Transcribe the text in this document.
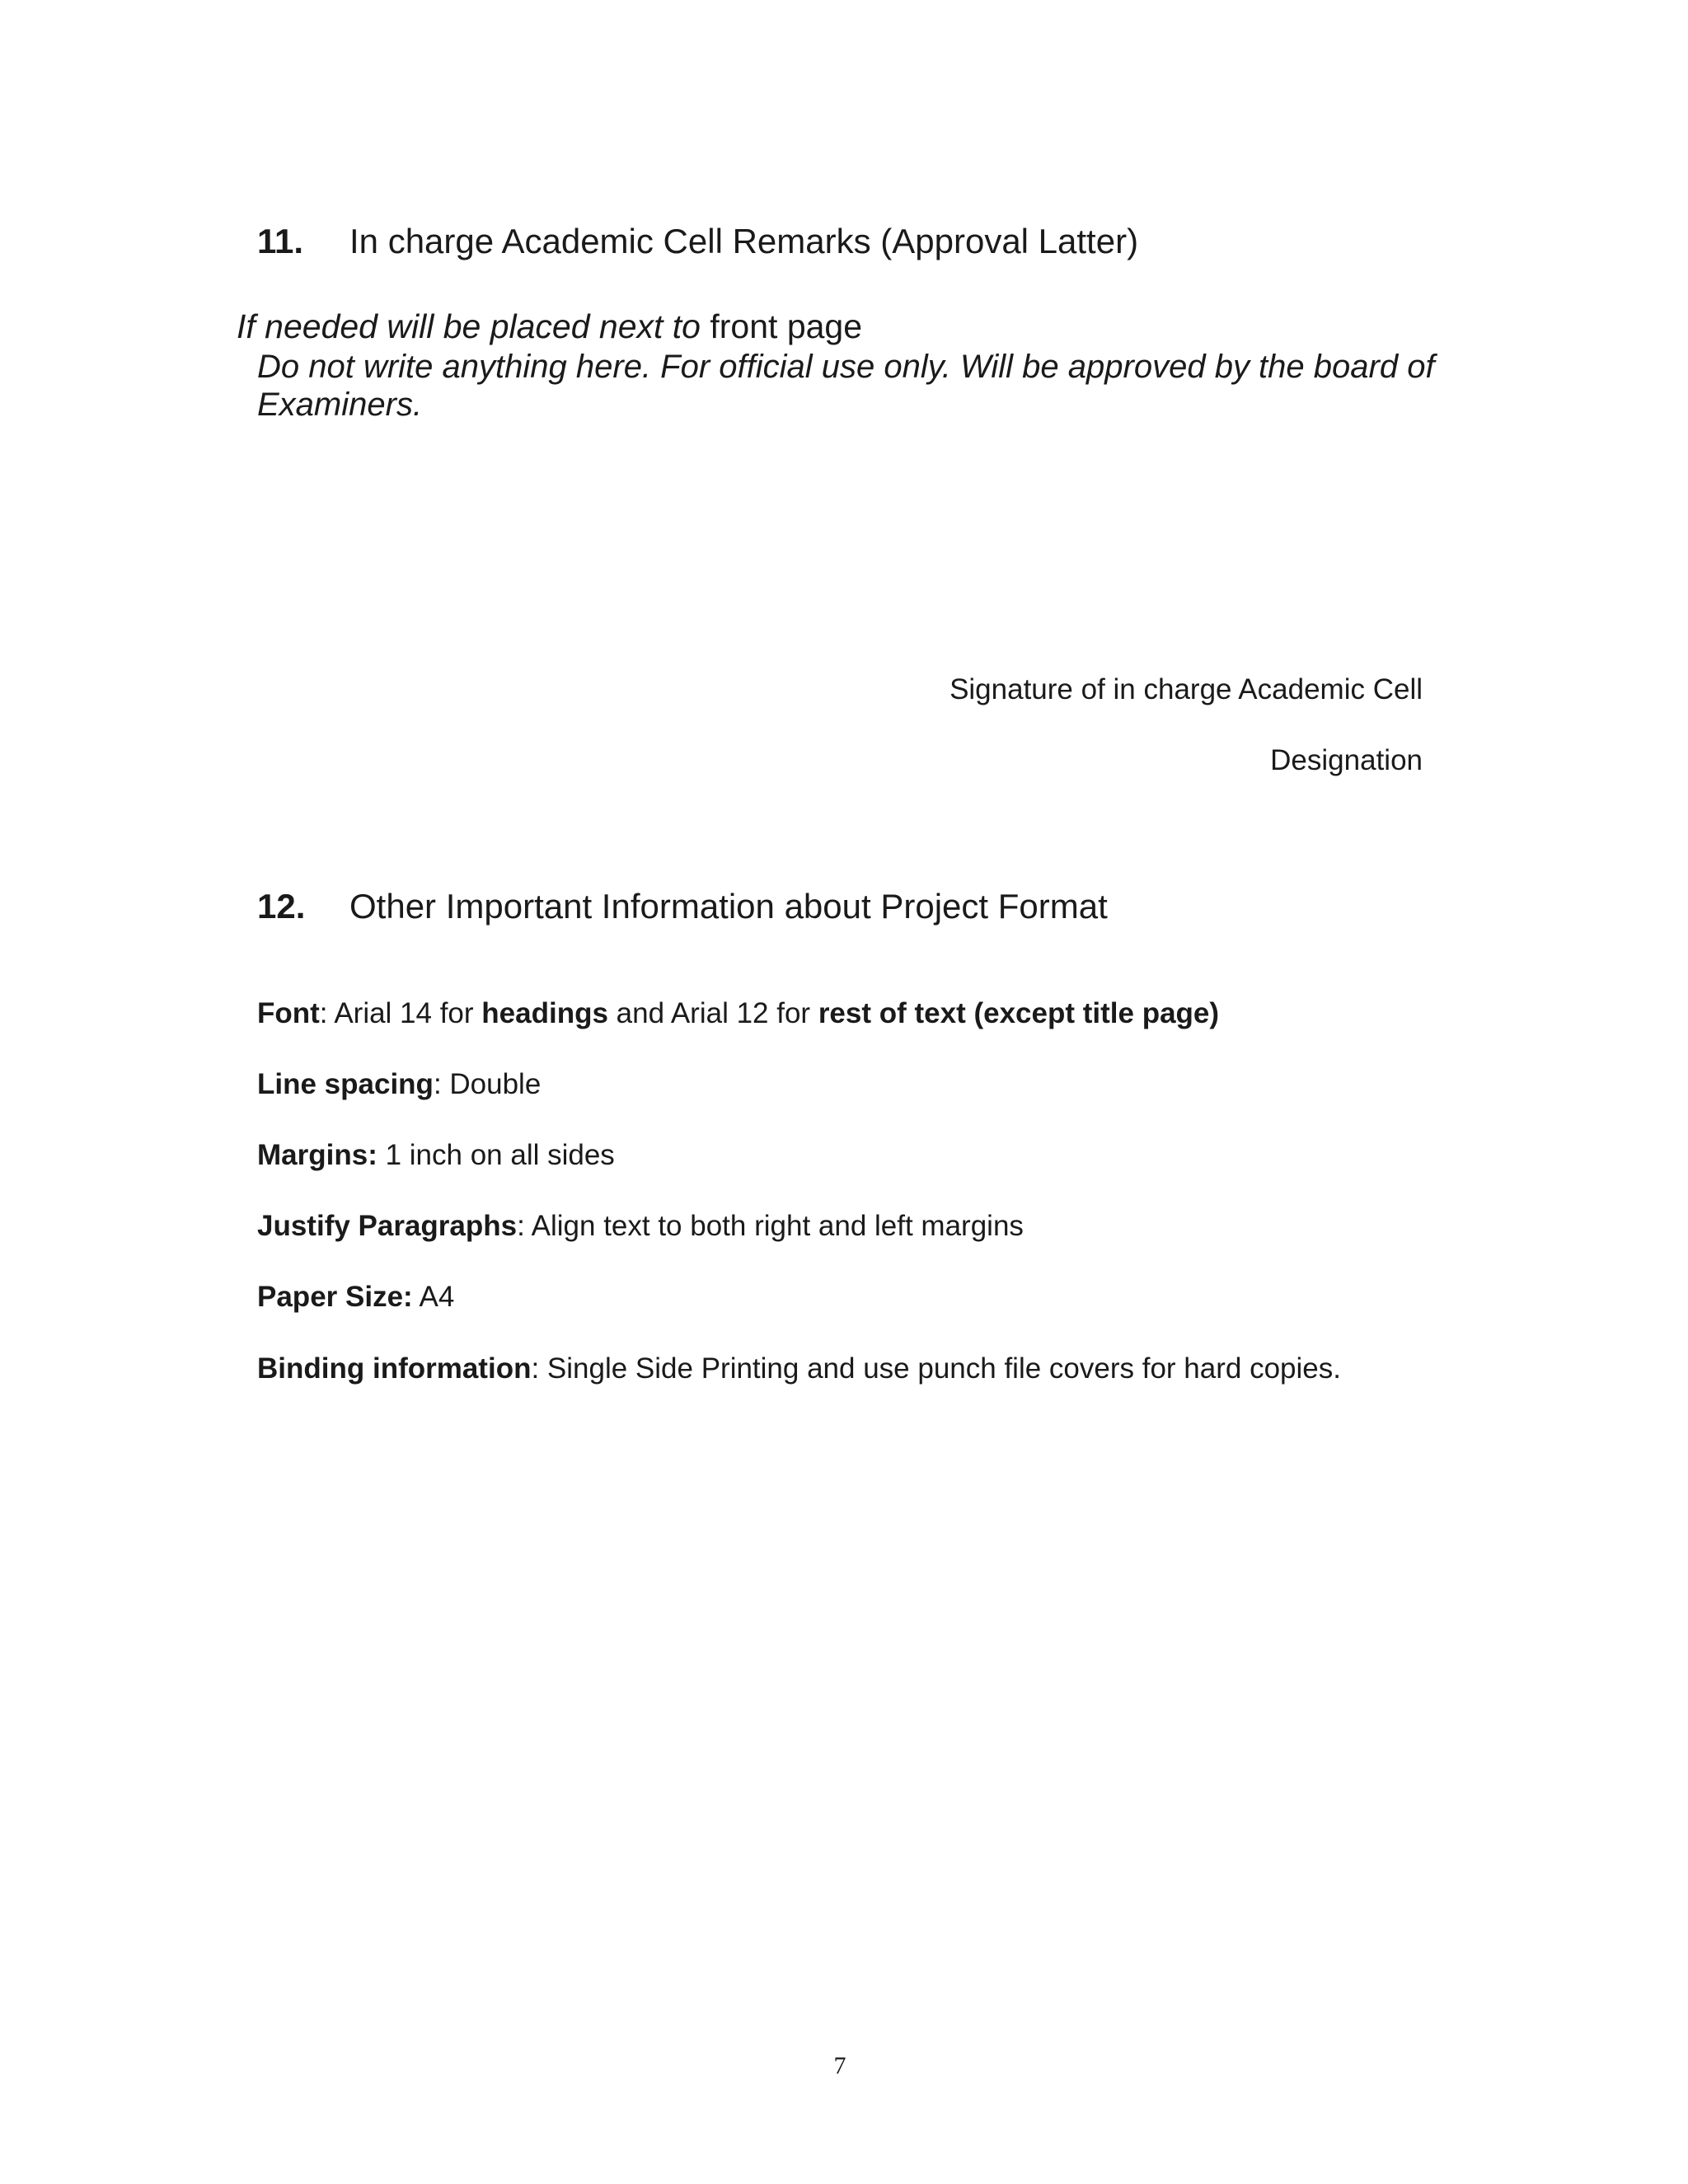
11. In charge Academic Cell Remarks (Approval Latter)
If needed will be placed next to front page
Do not write anything here. For official use only. Will be approved by the board of Examiners.
Signature of in charge Academic Cell
Designation
12. Other Important Information about Project Format
Font: Arial 14 for headings and Arial 12 for rest of text (except title page)
Line spacing: Double
Margins: 1 inch on all sides
Justify Paragraphs: Align text to both right and left margins
Paper Size: A4
Binding information: Single Side Printing and use punch file covers for hard copies.
7
